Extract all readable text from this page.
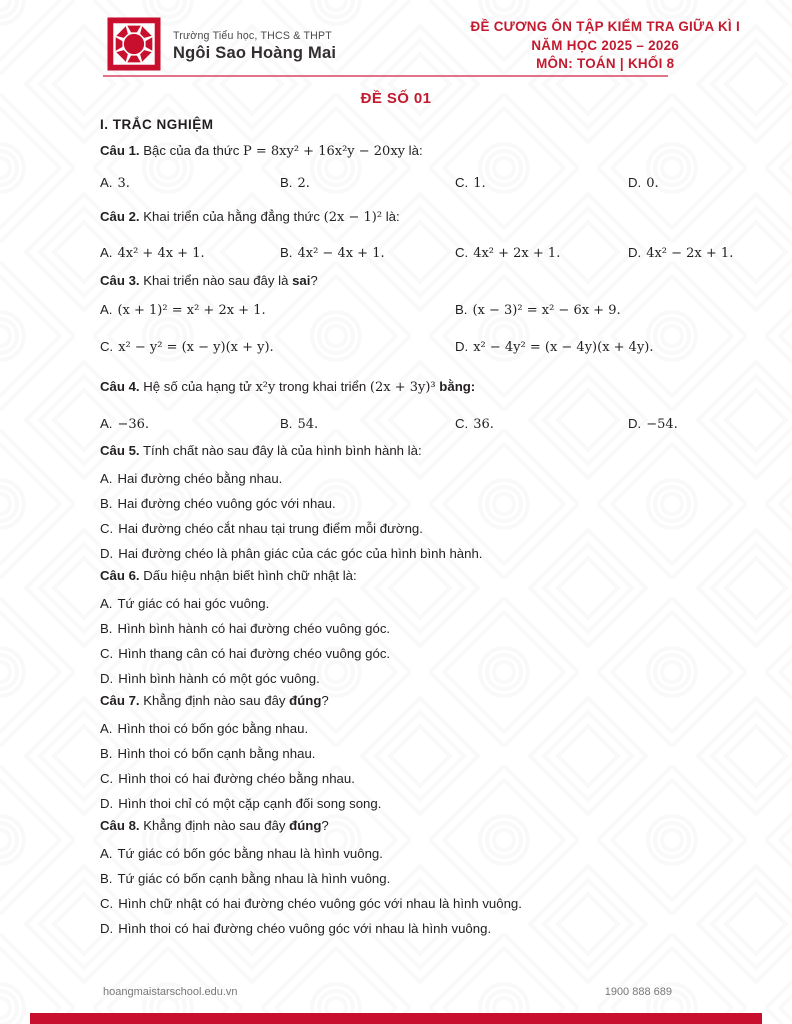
Trường Tiểu học, THCS & THPT
Ngôi Sao Hoàng Mai
ĐỀ CƯƠNG ÔN TẬP KIỂM TRA GIỮA KÌ I
NĂM HỌC 2025 – 2026
MÔN: TOÁN | KHỐI 8
ĐỀ SỐ 01
I. TRẮC NGHIỆM

Câu 1. Bậc của đa thức P = 8xy² + 16x²y − 20xy là:

A. 3.	B. 2.	C. 1.	D. 0.

Câu 2. Khai triển của hằng đẳng thức (2x − 1)² là:

A. 4x² + 4x + 1.	B. 4x² − 4x + 1.	C. 4x² + 2x + 1.	D. 4x² − 2x + 1.

Câu 3. Khai triển nào sau đây là sai?

A. (x + 1)² = x² + 2x + 1.	B. (x − 3)² = x² − 6x + 9.
C. x² − y² = (x − y)(x + y).	D. x² − 4y² = (x − 4y)(x + 4y).

Câu 4. Hệ số của hạng tử x²y trong khai triển (2x + 3y)³ bằng:

A. −36.	B. 54.	C. 36.	D. −54.

Câu 5. Tính chất nào sau đây là của hình bình hành là:

A. Hai đường chéo bằng nhau.
B. Hai đường chéo vuông góc với nhau.
C. Hai đường chéo cắt nhau tại trung điểm mỗi đường.
D. Hai đường chéo là phân giác của các góc của hình bình hành.

Câu 6. Dấu hiệu nhận biết hình chữ nhật là:

A. Tứ giác có hai góc vuông.
B. Hình bình hành có hai đường chéo vuông góc.
C. Hình thang cân có hai đường chéo vuông góc.
D. Hình bình hành có một góc vuông.

Câu 7. Khẳng định nào sau đây đúng?

A. Hình thoi có bốn góc bằng nhau.
B. Hình thoi có bốn cạnh bằng nhau.
C. Hình thoi có hai đường chéo bằng nhau.
D. Hình thoi chỉ có một cặp cạnh đối song song.

Câu 8. Khẳng định nào sau đây đúng?

A. Tứ giác có bốn góc bằng nhau là hình vuông.
B. Tứ giác có bốn cạnh bằng nhau là hình vuông.
C. Hình chữ nhật có hai đường chéo vuông góc với nhau là hình vuông.
D. Hình thoi có hai đường chéo vuông góc với nhau là hình vuông.
hoangmaistarschool.edu.vn	1900 888 689
